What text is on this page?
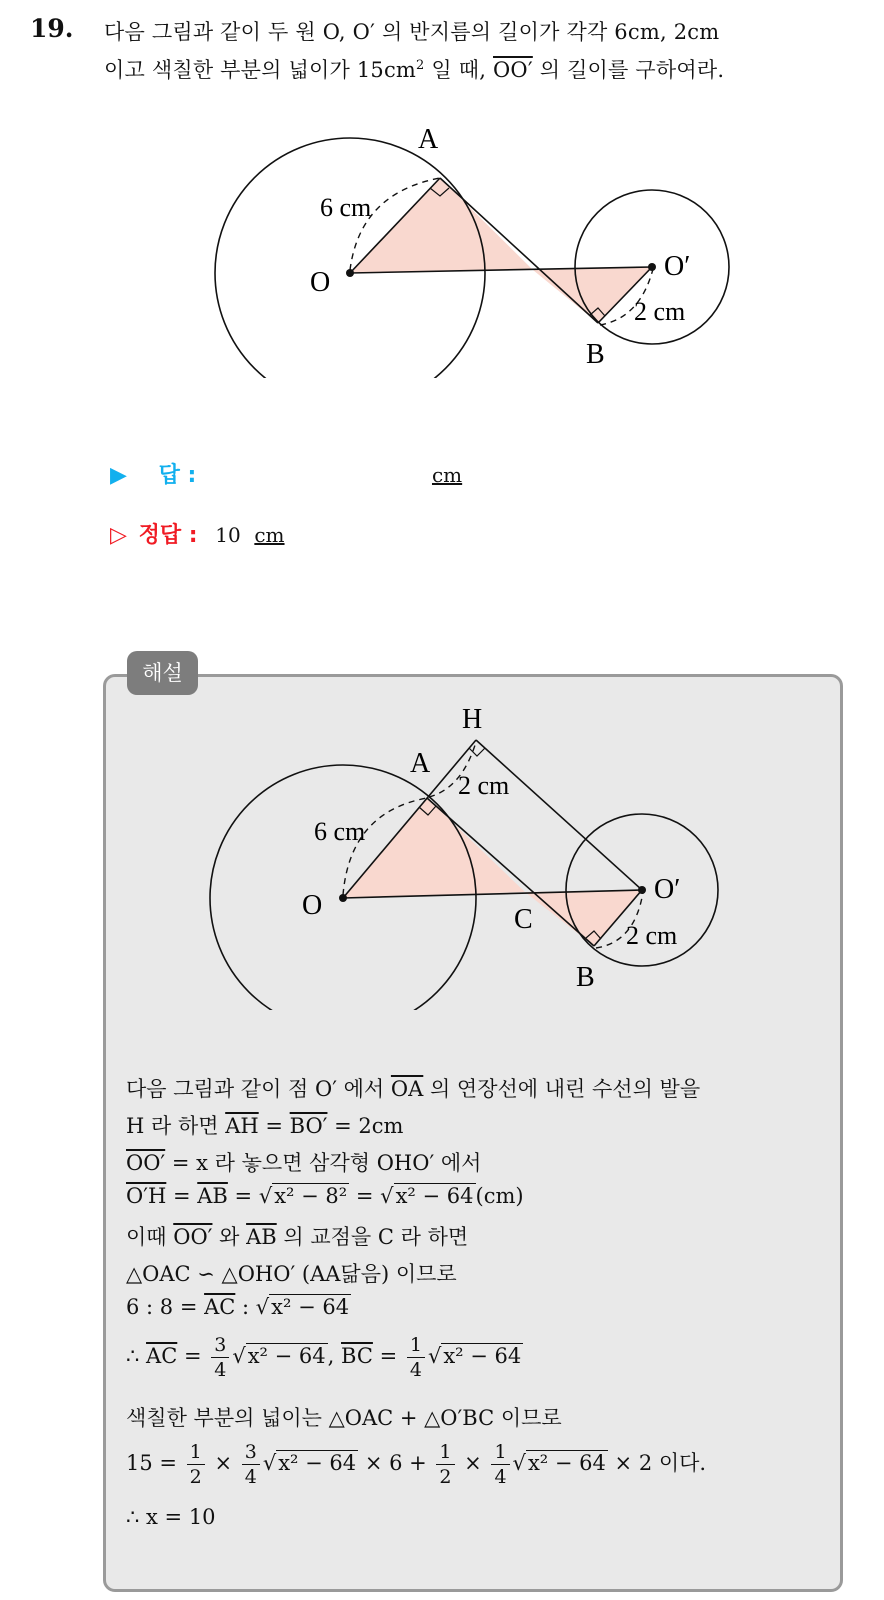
19. 다음 그림과 같이 두 원 O, O′ 의 반지름의 길이가 각각 6cm, 2cm
이고 색칠한 부분의 넓이가 $15cm^2$ 일 때, OO′ 의 길이를 구하여라.
A
O
O′
B
6 cm
2 cm
▶ 답 :	cm
▷ 정답 : 10 cm
해설
H
A
O	C
B
O′
2 cm
6 cm
2 cm
다음 그림과 같이 점 O′ 에서 $\overline{OA}$ 의 연장선에 내린 수선의 발을
H 라 하면 $\overline{AH} = BO' = 2cm$
OO′ = x 라 놓으면 삼각형 OHO′ 에서
$O'H = \overline{AB} = √x^2 - 8^2 = √x^2 - 64(cm)$
이때 OO′ 와 $\overline{AB}$ 의 교점을 C 라 하면
△OAC ∽ △OHO′ (AA닮음) 이므로
6 : $8 = \overline{AC}$ : √x² − 64
∴ $\overline{AC} = \frac{3}{4} √x^2 - 64$, $\overline{BC} = \frac{1}{4} √x^2 - 64$
색칠한 부분의 넓이는 △OAC + △O′BC 이므로
$15 = \frac{1}{2} \times \frac{3}{4} √x^2 - 64 \times 6 + \frac{1}{2} \times \frac{1}{4} √x^2 - 64 \times 2$ 이다.
∴ x = 10
